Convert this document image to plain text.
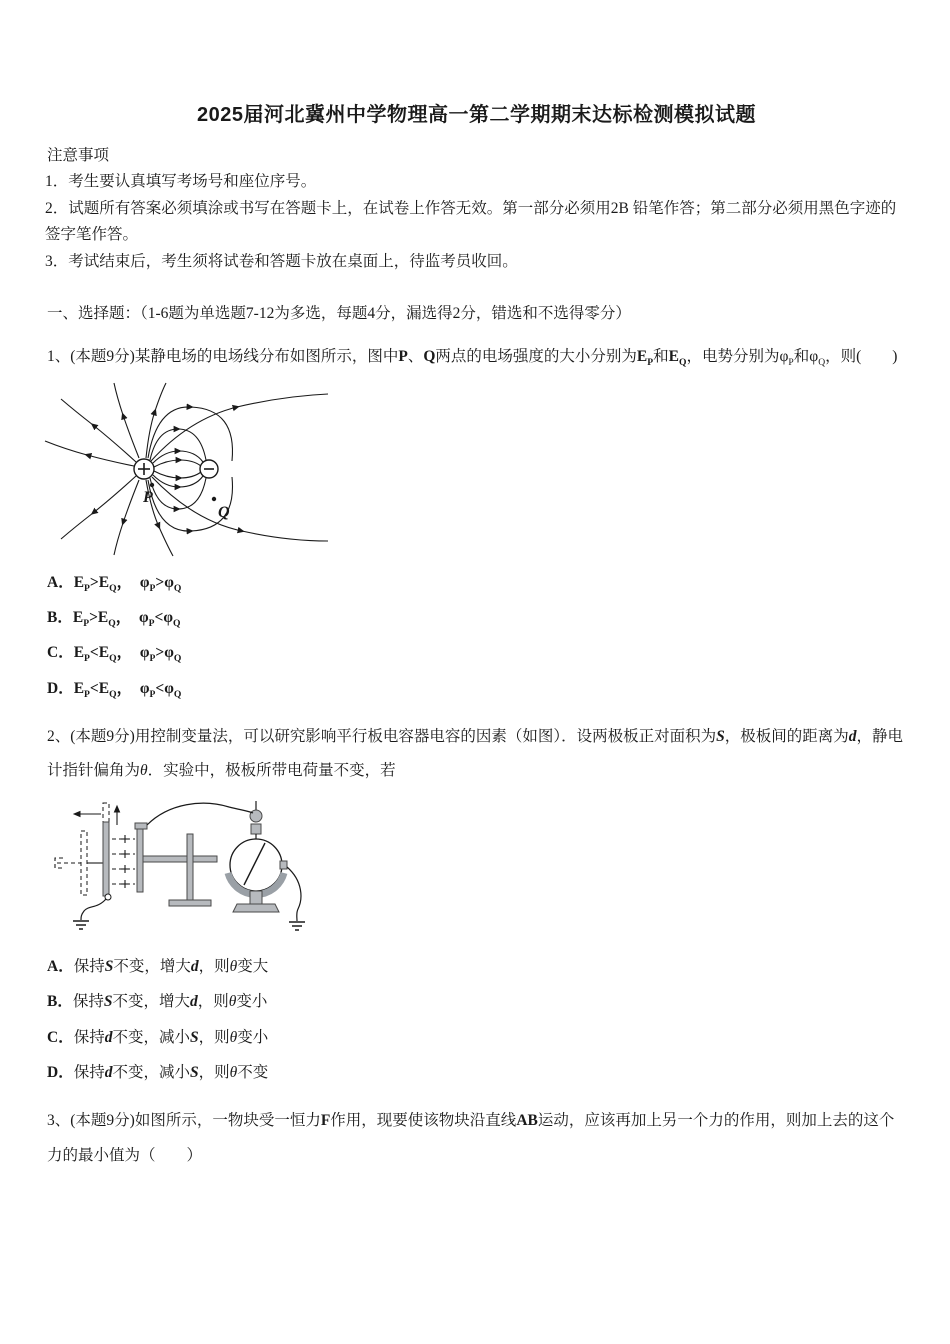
2025届河北冀州中学物理高一第二学期期末达标检测模拟试题
注意事项

1．考生要认真填写考场号和座位序号。

2．试题所有答案必须填涂或书写在答题卡上，在试卷上作答无效。第一部分必须用2B 铅笔作答；第二部分必须用黑色字迹的签字笔作答。

3．考试结束后，考生须将试卷和答题卡放在桌面上，待监考员收回。

一、选择题：（1-6题为单选题7-12为多选，每题4分，漏选得2分，错选和不选得零分）

1、(本题9分)某静电场的电场线分布如图所示，图中P、Q两点的电场强度的大小分别为$E_P$和$E_Q$，电势分别为$\varphi_P$和$\varphi_Q$，则(　　)

P
Q

A．$E_P>E_Q$，  $\varphi_P>\varphi_Q$

B．$E_P>E_Q$，  $\varphi_P<\varphi_Q$

C．$E_P<E_Q$，  $\varphi_P>\varphi_Q$

D．$E_P<E_Q$，  $\varphi_P<\varphi_Q$

2、(本题9分)用控制变量法，可以研究影响平行板电容器电容的因素（如图）．设两极板正对面积为S，极板间的距离为d，静电计指针偏角为θ．实验中，极板所带电荷量不变，若

A．保持S不变，增大d，则θ变大

B．保持S不变，增大d，则θ变小

C．保持d不变，减小S，则θ变小

D．保持d不变，减小S，则θ不变

3、(本题9分)如图所示，一物块受一恒力F作用，现要使该物块沿直线AB运动，应该再加上另一个力的作用，则加上去的这个力的最小值为（　　）
